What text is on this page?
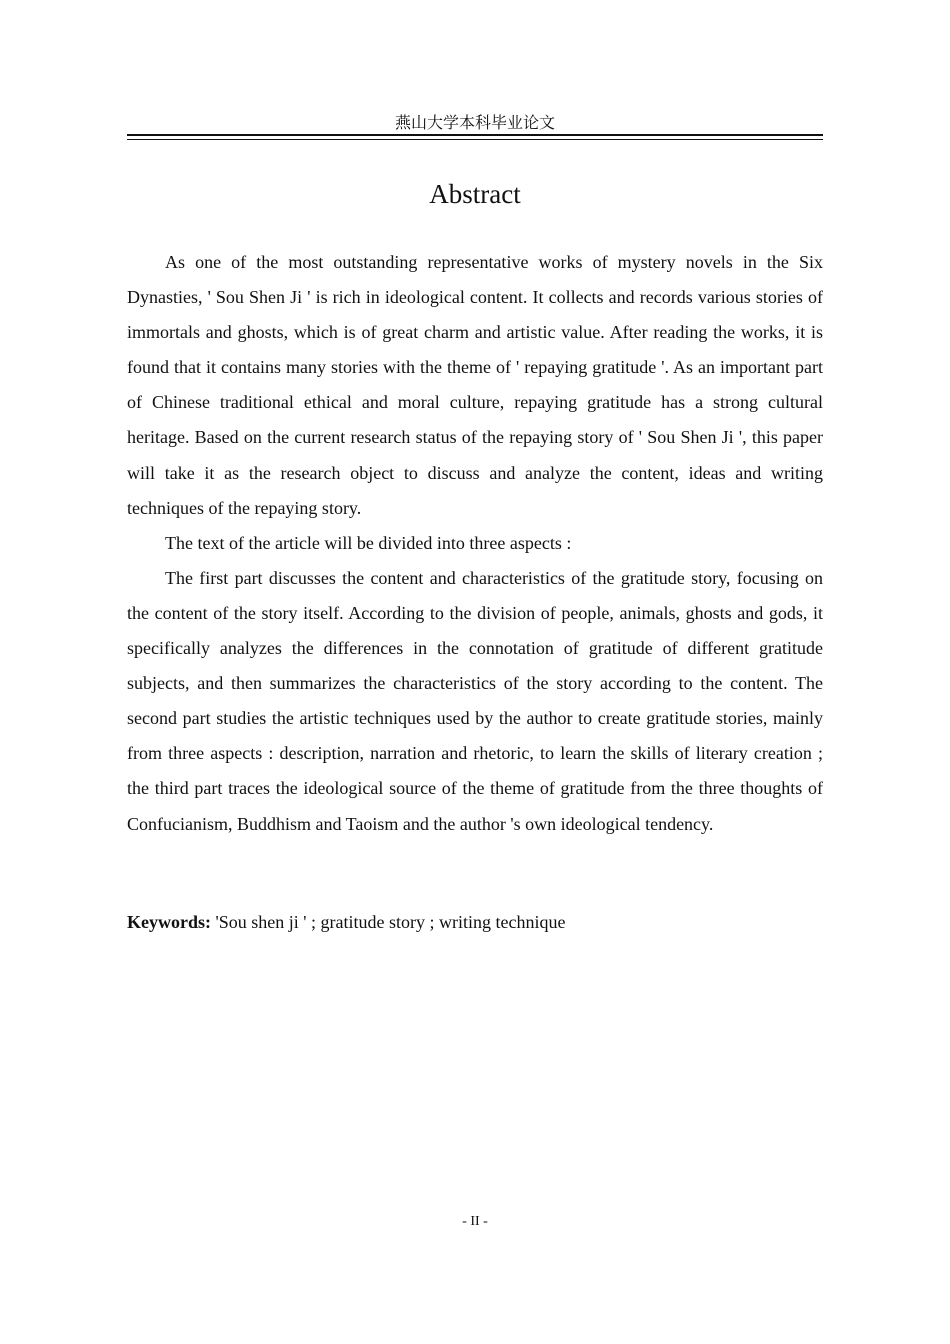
燕山大学本科毕业论文
Abstract

As one of the most outstanding representative works of mystery novels in the Six Dynasties, ' Sou Shen Ji ' is rich in ideological content. It collects and records various stories of immortals and ghosts, which is of great charm and artistic value. After reading the works, it is found that it contains many stories with the theme of ' repaying gratitude '. As an important part of Chinese traditional ethical and moral culture, repaying gratitude has a strong cultural heritage. Based on the current research status of the repaying story of ' Sou Shen Ji ', this paper will take it as the research object to discuss and analyze the content, ideas and writing techniques of the repaying story.

The text of the article will be divided into three aspects :

The first part discusses the content and characteristics of the gratitude story, focusing on the content of the story itself. According to the division of people, animals, ghosts and gods, it specifically analyzes the differences in the connotation of gratitude of different gratitude subjects, and then summarizes the characteristics of the story according to the content. The second part studies the artistic techniques used by the author to create gratitude stories, mainly from three aspects : description, narration and rhetoric, to learn the skills of literary creation ; the third part traces the ideological source of the theme of gratitude from the three thoughts of Confucianism, Buddhism and Taoism and the author 's own ideological tendency.

Keywords: 'Sou shen ji ' ; gratitude story ; writing technique

- II -
